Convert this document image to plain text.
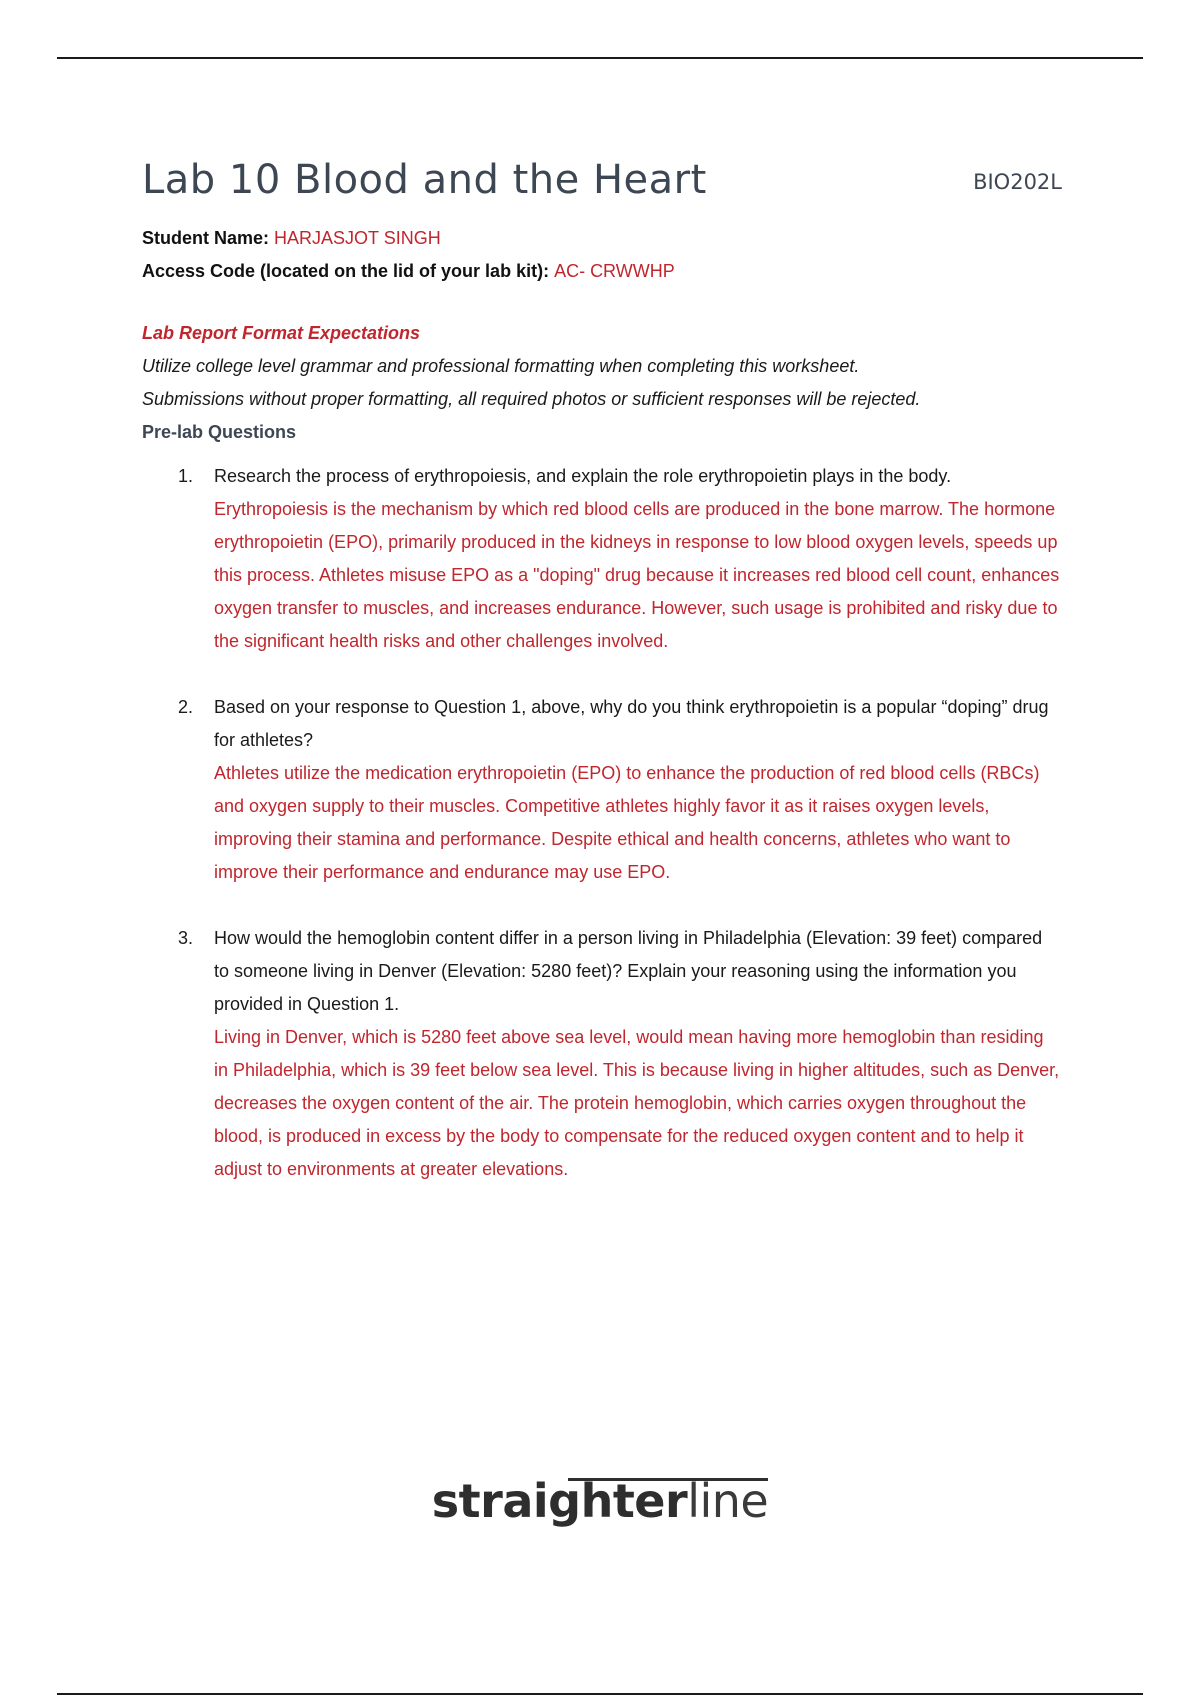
Lab 10 Blood and the Heart	BIO202L
Student Name: HARJASJOT SINGH
Access Code (located on the lid of your lab kit): AC- CRWWHP
Lab Report Format Expectations
Utilize college level grammar and professional formatting when completing this worksheet.
Submissions without proper formatting, all required photos or sufficient responses will be rejected.
Pre-lab Questions
1. Research the process of erythropoiesis, and explain the role erythropoietin plays in the body.
Erythropoiesis is the mechanism by which red blood cells are produced in the bone marrow. The hormone erythropoietin (EPO), primarily produced in the kidneys in response to low blood oxygen levels, speeds up this process. Athletes misuse EPO as a "doping" drug because it increases red blood cell count, enhances oxygen transfer to muscles, and increases endurance. However, such usage is prohibited and risky due to the significant health risks and other challenges involved.
2. Based on your response to Question 1, above, why do you think erythropoietin is a popular “doping” drug for athletes?
Athletes utilize the medication erythropoietin (EPO) to enhance the production of red blood cells (RBCs) and oxygen supply to their muscles. Competitive athletes highly favor it as it raises oxygen levels, improving their stamina and performance. Despite ethical and health concerns, athletes who want to improve their performance and endurance may use EPO.
3. How would the hemoglobin content differ in a person living in Philadelphia (Elevation: 39 feet) compared to someone living in Denver (Elevation: 5280 feet)? Explain your reasoning using the information you provided in Question 1.
Living in Denver, which is 5280 feet above sea level, would mean having more hemoglobin than residing in Philadelphia, which is 39 feet below sea level. This is because living in higher altitudes, such as Denver, decreases the oxygen content of the air. The protein hemoglobin, which carries oxygen throughout the blood, is produced in excess by the body to compensate for the reduced oxygen content and to help it adjust to environments at greater elevations.
straighterline
